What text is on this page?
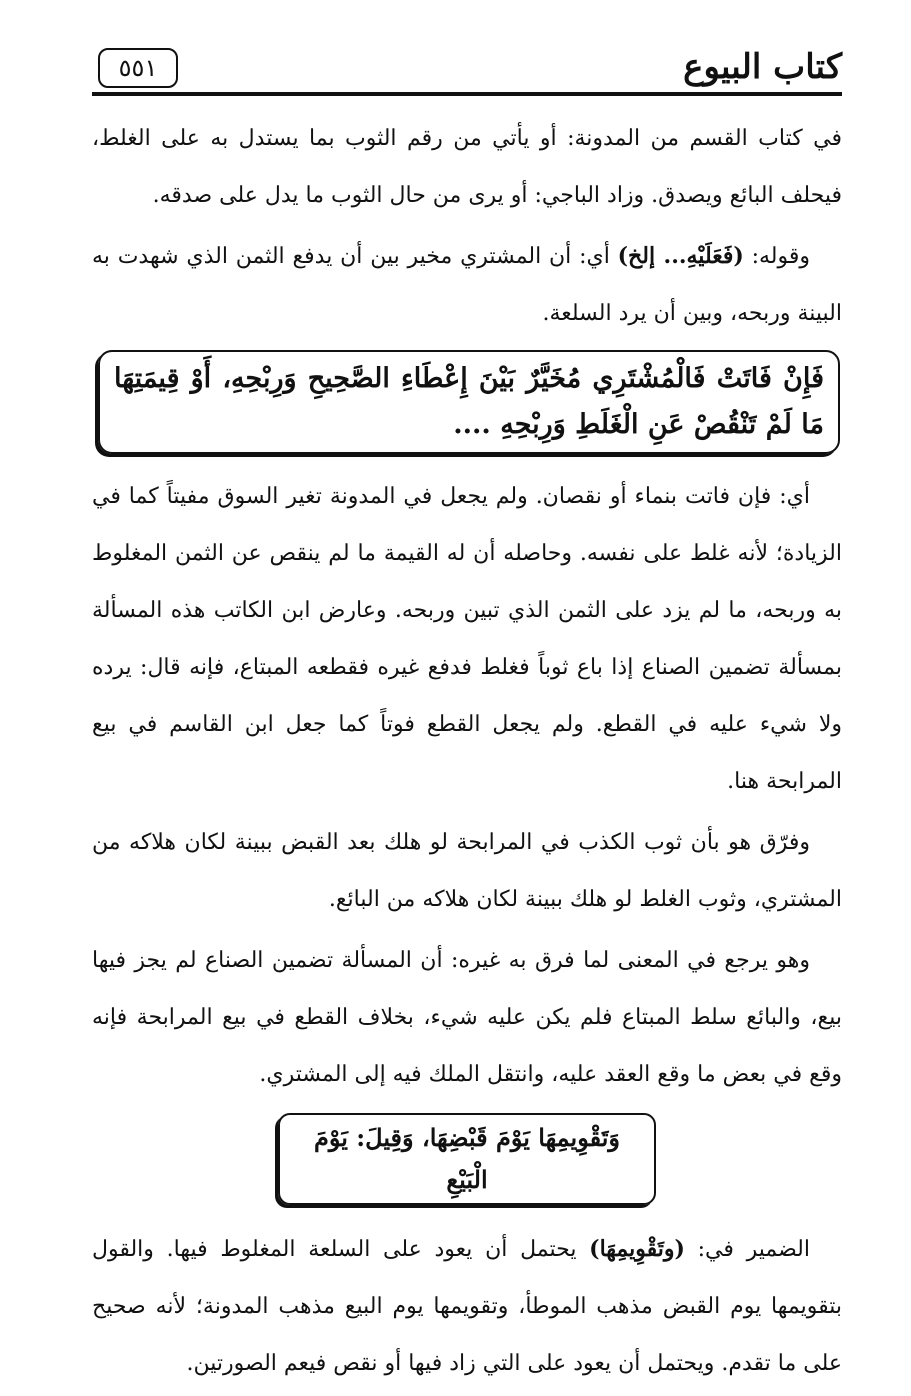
كتاب البيوع
٥٥١

في كتاب القسم من المدونة: أو يأتي من رقم الثوب بما يستدل به على الغلط، فيحلف البائع ويصدق. وزاد الباجي: أو يرى من حال الثوب ما يدل على صدقه.

وقوله: (فَعَلَيْهِ... إلخ) أي: أن المشتري مخير بين أن يدفع الثمن الذي شهدت به البينة وربحه، وبين أن يرد السلعة.

فَإِنْ فَاتَتْ فَالْمُشْتَرِي مُخَيَّرٌ بَيْنَ إِعْطَاءِ الصَّحِيحِ وَرِبْحِهِ، أَوْ قِيمَتِهَا مَا لَمْ تَنْقُصْ عَنِ الْغَلَطِ وَرِبْحِهِ ....

أي: فإن فاتت بنماء أو نقصان. ولم يجعل في المدونة تغير السوق مفيتاً كما في الزيادة؛ لأنه غلط على نفسه. وحاصله أن له القيمة ما لم ينقص عن الثمن المغلوط به وربحه، ما لم يزد على الثمن الذي تبين وربحه. وعارض ابن الكاتب هذه المسألة بمسألة تضمين الصناع إذا باع ثوباً فغلط فدفع غيره فقطعه المبتاع، فإنه قال: يرده ولا شيء عليه في القطع. ولم يجعل القطع فوتاً كما جعل ابن القاسم في بيع المرابحة هنا.

وفرّق هو بأن ثوب الكذب في المرابحة لو هلك بعد القبض ببينة لكان هلاكه من المشتري، وثوب الغلط لو هلك ببينة لكان هلاكه من البائع.

وهو يرجع في المعنى لما فرق به غيره: أن المسألة تضمين الصناع لم يجز فيها بيع، والبائع سلط المبتاع فلم يكن عليه شيء، بخلاف القطع في بيع المرابحة فإنه وقع في بعض ما وقع العقد عليه، وانتقل الملك فيه إلى المشتري.

وَتَقْوِيمِهَا يَوْمَ قَبْضِهَا، وَقِيلَ: يَوْمَ الْبَيْعِ

الضمير في: (وتَقْوِيمِهَا) يحتمل أن يعود على السلعة المغلوط فيها. والقول بتقويمها يوم القبض مذهب الموطأ، وتقويمها يوم البيع مذهب المدونة؛ لأنه صحيح على ما تقدم. ويحتمل أن يعود على التي زاد فيها أو نقص فيعم الصورتين.
